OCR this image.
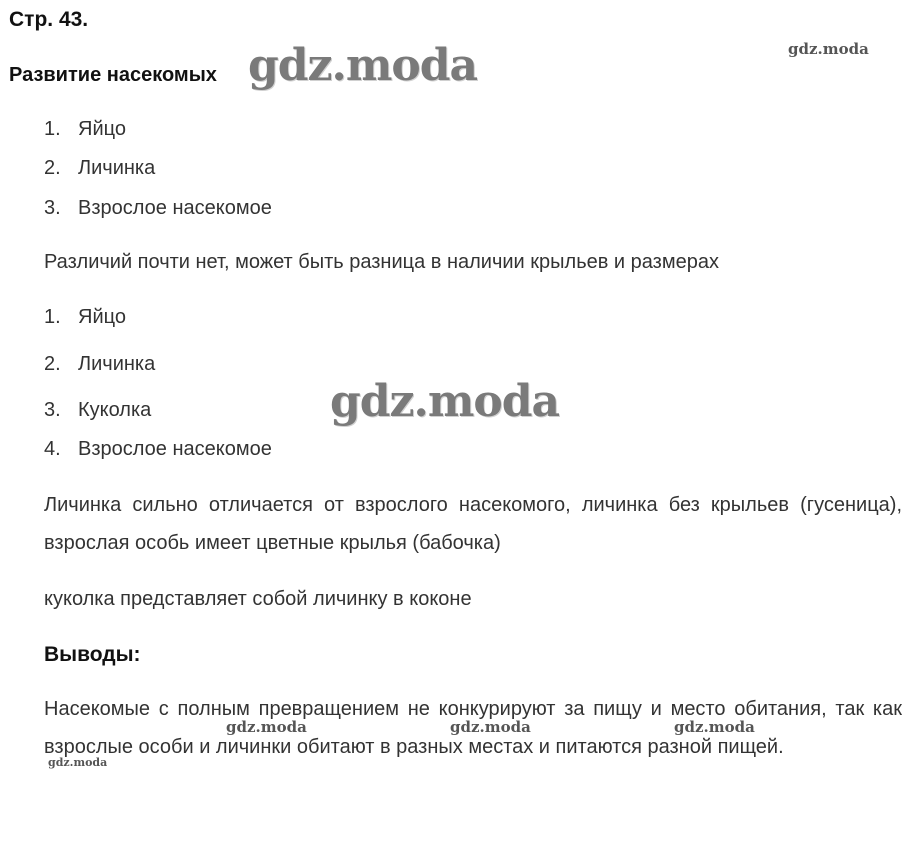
Стр. 43.
Развитие насекомых
1. Яйцо
2. Личинка
3. Взрослое насекомое
Различий почти нет, может быть разница в наличии крыльев и размерах
1. Яйцо
2. Личинка
3. Куколка
4. Взрослое насекомое
Личинка сильно отличается от взрослого насекомого, личинка без крыльев (гусеница), взрослая особь имеет цветные крылья (бабочка)
куколка представляет собой личинку в коконе
Выводы:
Насекомые с полным превращением не конкурируют за пищу и место обитания, так как взрослые особи и личинки обитают в разных местах и питаются разной пищей.
gdz.moda
gdz.moda
gdz.moda
gdz.moda	gdz.moda	gdz.moda
gdz.moda
